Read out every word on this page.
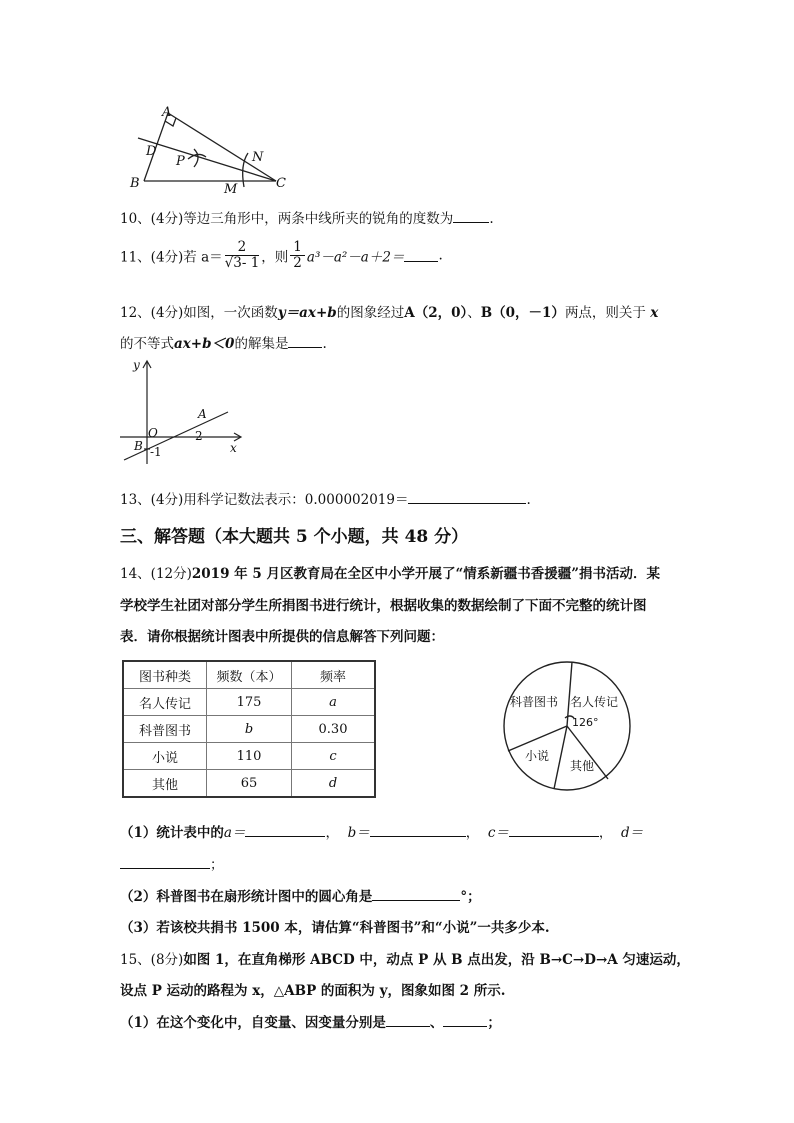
A
D
P	N
B	M	C
10、(4分)等边三角形中，两条中线所夹的锐角的度数为	.
11、(4分)若 $a= \frac{2}{√3- 1}$ ，则 $\frac{1}{2} a^3-a^2-a+2=$	.
12、(4分)如图，一次函数y＝ax+b的图象经过A（2，0）、B（0，－1）两点，则关于 x
的不等式ax+b＜0的解集是	.
y
x
A
O
B
2
-1
13、(4分)用科学记数法表示：0.000002019＝	.
三、解答题（本大题共 5 个小题，共 48 分）
14、(12分)2019 年 5 月区教育局在全区中小学开展了“情系新疆书香援疆”捐书活动．某
学校学生社团对部分学生所捐图书进行统计，根据收集的数据绘制了下面不完整的统计图
表．请你根据统计图表中所提供的信息解答下列问题：
图书种类	频数（本）	频率
名人传记	175	a
科普图书	b	0.30
小说	110	c
其他	65	d
科普图书 名人传记
126°
小说
其他
（1）统计表中的a＝	， b＝	， c＝	， d＝
；
（2）科普图书在扇形统计图中的圆心角是	°；
（3）若该校共捐书 1500 本，请估算“科普图书”和“小说”一共多少本.
15、(8分)如图 1，在直角梯形 ABCD 中，动点 P 从 B 点出发，沿 B→C→D→A 匀速运动，
设点 P 运动的路程为 x，△ABP 的面积为 y，图象如图 2 所示.
（1）在这个变化中，自变量、因变量分别是	、	；
